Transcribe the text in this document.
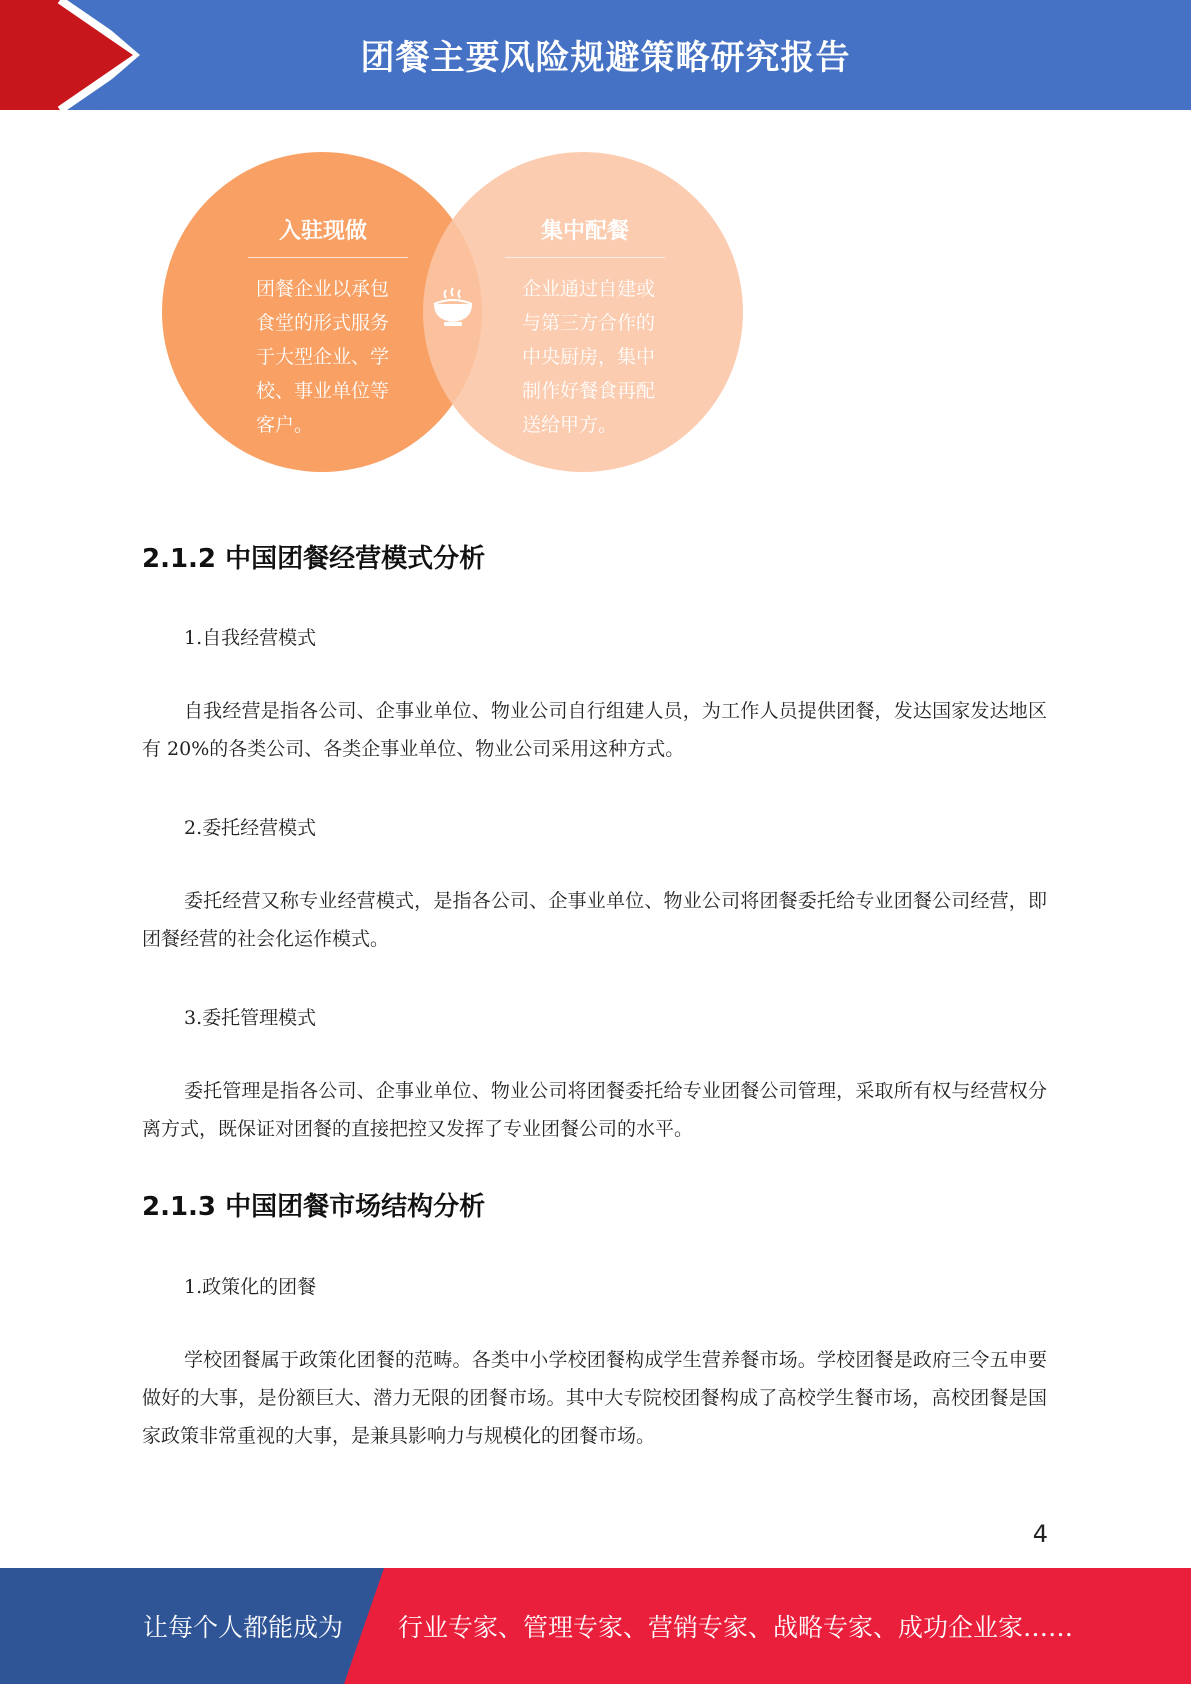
团餐主要风险规避策略研究报告
入驻现做
团餐企业以承包
食堂的形式服务
于大型企业、学
校、事业单位等
客户。
集中配餐
企业通过自建或
与第三方合作的
中央厨房，集中
制作好餐食再配
送给甲方。
2.1.2 中国团餐经营模式分析

1.自我经营模式

自我经营是指各公司、企事业单位、物业公司自行组建人员，为工作人员提供团餐，发达国家发达地区有 20%的各类公司、各类企事业单位、物业公司采用这种方式。

2.委托经营模式

委托经营又称专业经营模式，是指各公司、企事业单位、物业公司将团餐委托给专业团餐公司经营，即团餐经营的社会化运作模式。

3.委托管理模式

委托管理是指各公司、企事业单位、物业公司将团餐委托给专业团餐公司管理，采取所有权与经营权分离方式，既保证对团餐的直接把控又发挥了专业团餐公司的水平。

2.1.3 中国团餐市场结构分析

1.政策化的团餐

学校团餐属于政策化团餐的范畴。各类中小学校团餐构成学生营养餐市场。学校团餐是政府三令五申要做好的大事，是份额巨大、潜力无限的团餐市场。其中大专院校团餐构成了高校学生餐市场，高校团餐是国家政策非常重视的大事，是兼具影响力与规模化的团餐市场。

4
让每个人都能成为 行业专家、管理专家、营销专家、战略专家、成功企业家……
